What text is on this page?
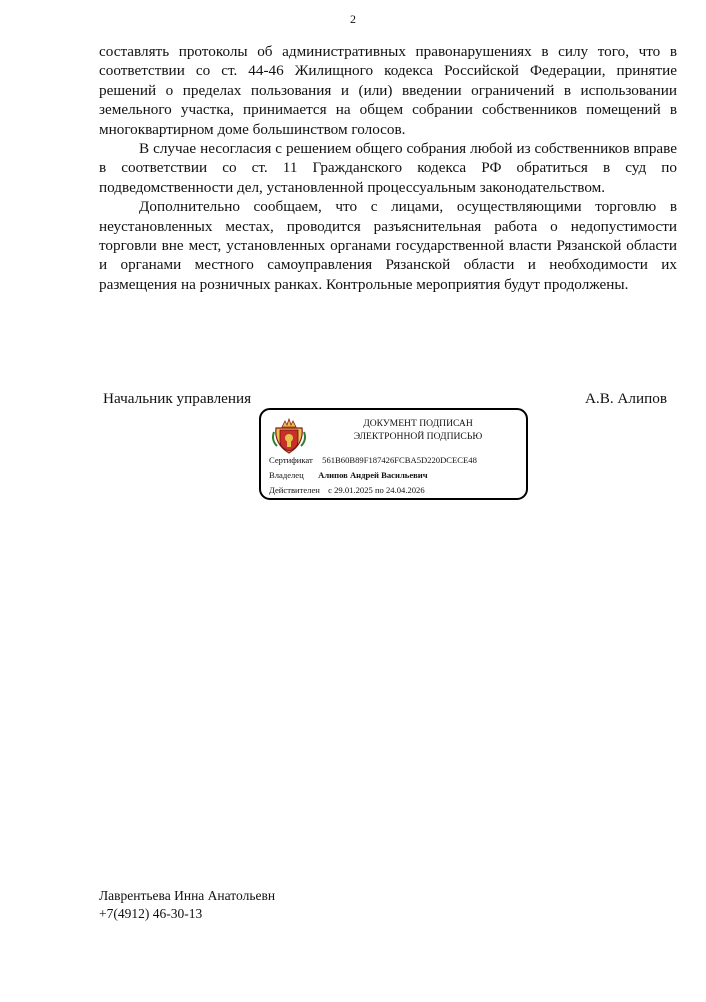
2

составлять протоколы об административных правонарушениях в силу того, что в соответствии со ст. 44-46 Жилищного кодекса Российской Федерации, принятие решений о пределах пользования и (или) введении ограничений в использовании земельного участка, принимается на общем собрании собственников помещений в многоквартирном доме большинством голосов.

В случае несогласия с решением общего собрания любой из собственников вправе в соответствии со ст. 11 Гражданского кодекса РФ обратиться в суд по подведомственности дел, установленной процессуальным законодательством.

Дополнительно сообщаем, что с лицами, осуществляющими торговлю в неустановленных местах, проводится разъяснительная работа о недопустимости торговли вне мест, установленных органами государственной власти Рязанской области и органами местного самоуправления Рязанской области и необходимости их размещения на розничных ранках. Контрольные мероприятия будут продолжены.

Начальник управления	А.В. Алипов
ДОКУМЕНТ ПОДПИСАН
ЭЛЕКТРОННОЙ ПОДПИСЬЮ
Сертификат 561B60B89F187426FCBA5D220DCECE48
Владелец Алипов Андрей Васильевич
Действителен с 29.01.2025 по 24.04.2026
Лаврентьева Инна Анатольевн
+7(4912) 46-30-13
